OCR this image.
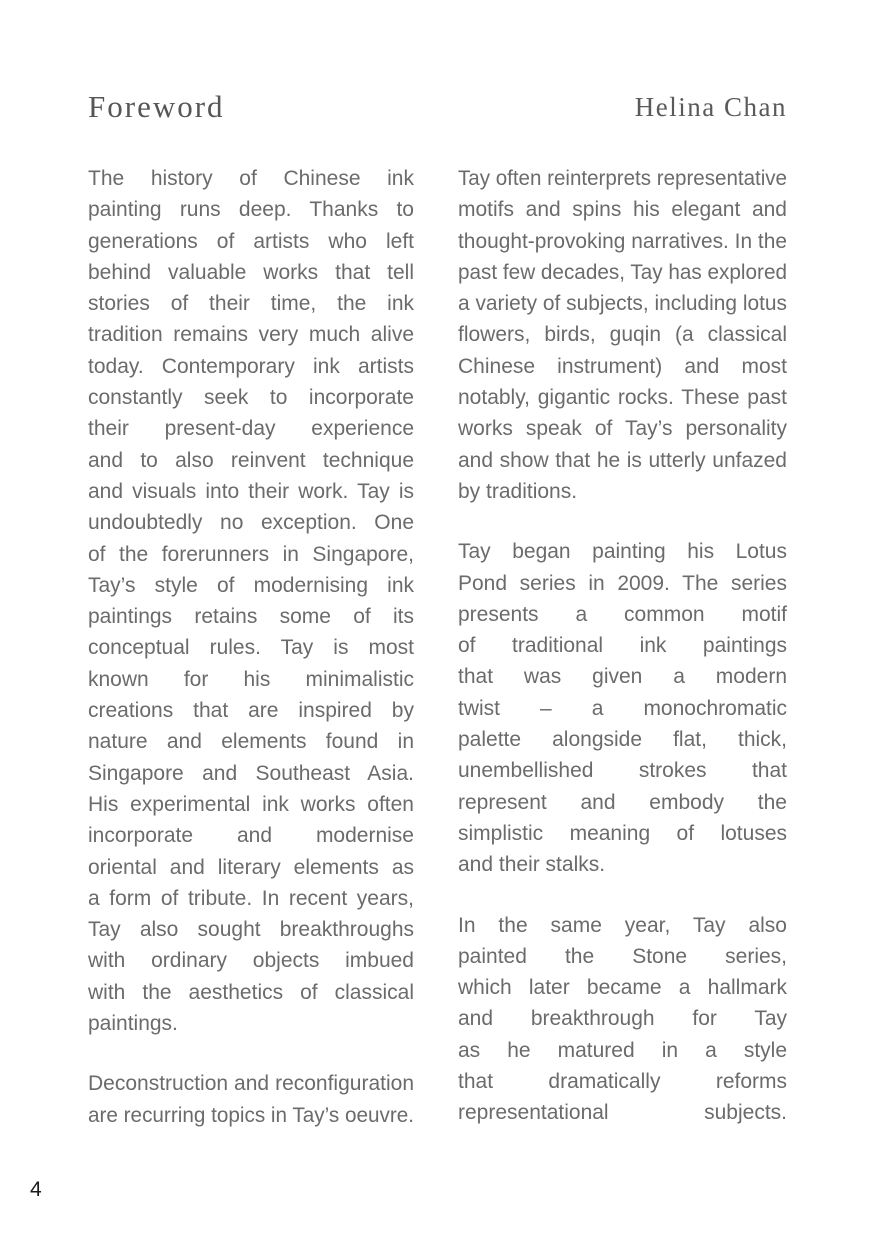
Foreword	Helina Chan
The history of Chinese ink
painting runs deep. Thanks to
generations of artists who left
behind valuable works that tell
stories of their time, the ink
tradition remains very much alive
today. Contemporary ink artists
constantly seek to incorporate
their present-day experience
and to also reinvent technique
and visuals into their work. Tay is
undoubtedly no exception. One
of the forerunners in Singapore,
Tay’s style of modernising ink
paintings retains some of its
conceptual rules. Tay is most
known for his minimalistic
creations that are inspired by
nature and elements found in
Singapore and Southeast Asia.
His experimental ink works often
incorporate and modernise
oriental and literary elements as
a form of tribute. In recent years,
Tay also sought breakthroughs
with ordinary objects imbued
with the aesthetics of classical
paintings.
Deconstruction and reconfiguration
are recurring topics in Tay’s oeuvre.
Tay often reinterprets representative
motifs and spins his elegant and
thought-provoking narratives. In the
past few decades, Tay has explored
a variety of subjects, including lotus
flowers, birds, guqin (a classical
Chinese instrument) and most
notably, gigantic rocks. These past
works speak of Tay’s personality
and show that he is utterly unfazed
by traditions.
Tay began painting his Lotus
Pond series in 2009. The series
presents a common motif
of traditional ink paintings
that was given a modern
twist – a monochromatic
palette alongside flat, thick,
unembellished strokes that
represent and embody the
simplistic meaning of lotuses
and their stalks.
In the same year, Tay also
painted the Stone series,
which later became a hallmark
and breakthrough for Tay
as he matured in a style
that dramatically reforms
representational subjects.
4
